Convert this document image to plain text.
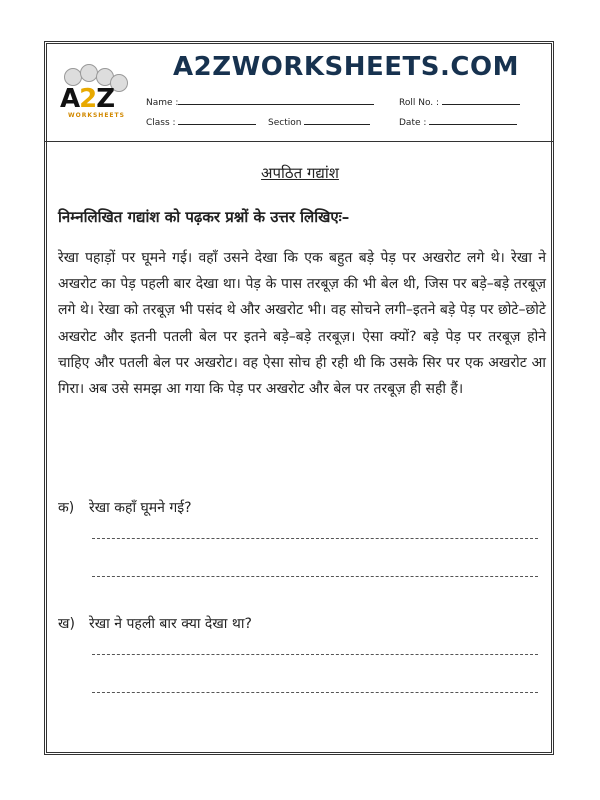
A2Z
WORKSHEETS
A2ZWORKSHEETS.COM
Name :	Roll No. :
Class :	Section	Date :
अपठित गद्यांश
निम्नलिखित गद्यांश को पढ़कर प्रश्नों के उत्तर लिखिएः–
रेखा पहाड़ों पर घूमने गई। वहाँ उसने देखा कि एक बहुत बड़े पेड़ पर अखरोट लगे थे। रेखा ने अखरोट का पेड़ पहली बार देखा था। पेड़ के पास तरबूज़ की भी बेल थी, जिस पर बड़े–बड़े तरबूज़ लगे थे। रेखा को तरबूज़ भी पसंद थे और अखरोट भी। वह सोचने लगी–इतने बड़े पेड़ पर छोटे–छोटे अखरोट और इतनी पतली बेल पर इतने बड़े–बड़े तरबूज़। ऐसा क्यों? बड़े पेड़ पर तरबूज़ होने चाहिए और पतली बेल पर अखरोट। वह ऐसा सोच ही रही थी कि उसके सिर पर एक अखरोट आ गिरा। अब उसे समझ आ गया कि पेड़ पर अखरोट और बेल पर तरबूज़ ही सही हैं।
क) रेखा कहाँ घूमने गई?
ख) रेखा ने पहली बार क्या देखा था?
